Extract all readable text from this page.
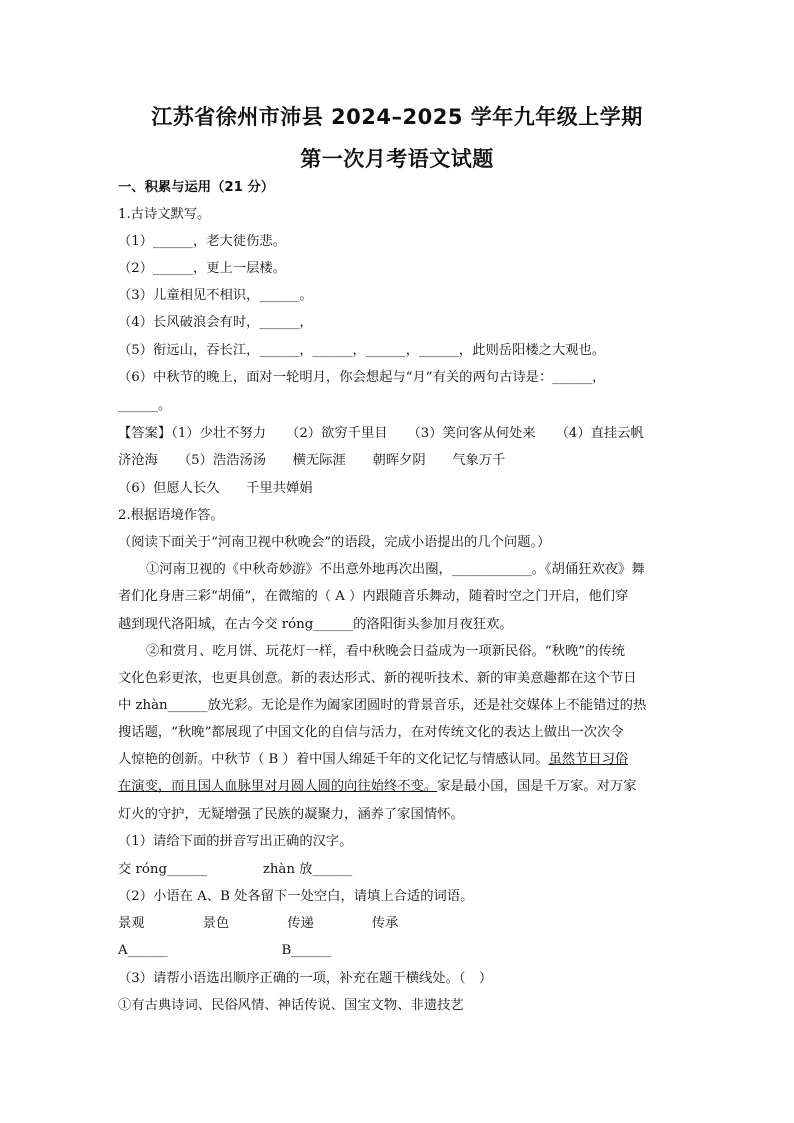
江苏省徐州市沛县 2024–2025 学年九年级上学期
第一次月考语文试题
一、积累与运用（21 分）
1.古诗文默写。
（1）______，老大徒伤悲。
（2）______，更上一层楼。
（3）儿童相见不相识，______。
（4）长风破浪会有时，______，
（5）衔远山，吞长江，______，______，______，______，此则岳阳楼之大观也。
（6）中秋节的晚上，面对一轮明月，你会想起与“月”有关的两句古诗是：______，
______。
【答案】（1）少壮不努力　　（2）欲穷千里目　　（3）笑问客从何处来　　（4）直挂云帆
济沧海　　（5）浩浩汤汤　　横无际涯　　朝晖夕阴　　气象万千
（6）但愿人长久　　千里共婵娟
2.根据语境作答。
（阅读下面关于“河南卫视中秋晚会”的语段，完成小语提出的几个问题。）
①河南卫视的《中秋奇妙游》不出意外地再次出圈，____________。《胡俑狂欢夜》舞
者们化身唐三彩“胡俑”，在微缩的（ A ）内跟随音乐舞动，随着时空之门开启，他们穿
越到现代洛阳城，在古今交 róng______的洛阳街头参加月夜狂欢。
②和赏月、吃月饼、玩花灯一样，看中秋晚会日益成为一项新民俗。“秋晚”的传统
文化色彩更浓，也更具创意。新的表达形式、新的视听技术、新的审美意趣都在这个节日
中 zhàn______放光彩。无论是作为阖家团圆时的背景音乐，还是社交媒体上不能错过的热
搜话题，“秋晚”都展现了中国文化的自信与活力，在对传统文化的表达上做出一次次令
人惊艳的创新。中秋节（ B ）着中国人绵延千年的文化记忆与情感认同。虽然节日习俗
在演变，而且国人血脉里对月圆人圆的向往始终不变。家是最小国，国是千万家。对万家
灯火的守护，无疑增强了民族的凝聚力，涵养了家国情怀。
（1）请给下面的拼音写出正确的汉字。
交 róng______	zhàn 放______
（2）小语在 A、B 处各留下一处空白，请填上合适的词语。
景观	景色	传递	传承
A______	B______
（3）请帮小语选出顺序正确的一项，补充在题干横线处。（　）
①有古典诗词、民俗风情、神话传说、国宝文物、非遗技艺
